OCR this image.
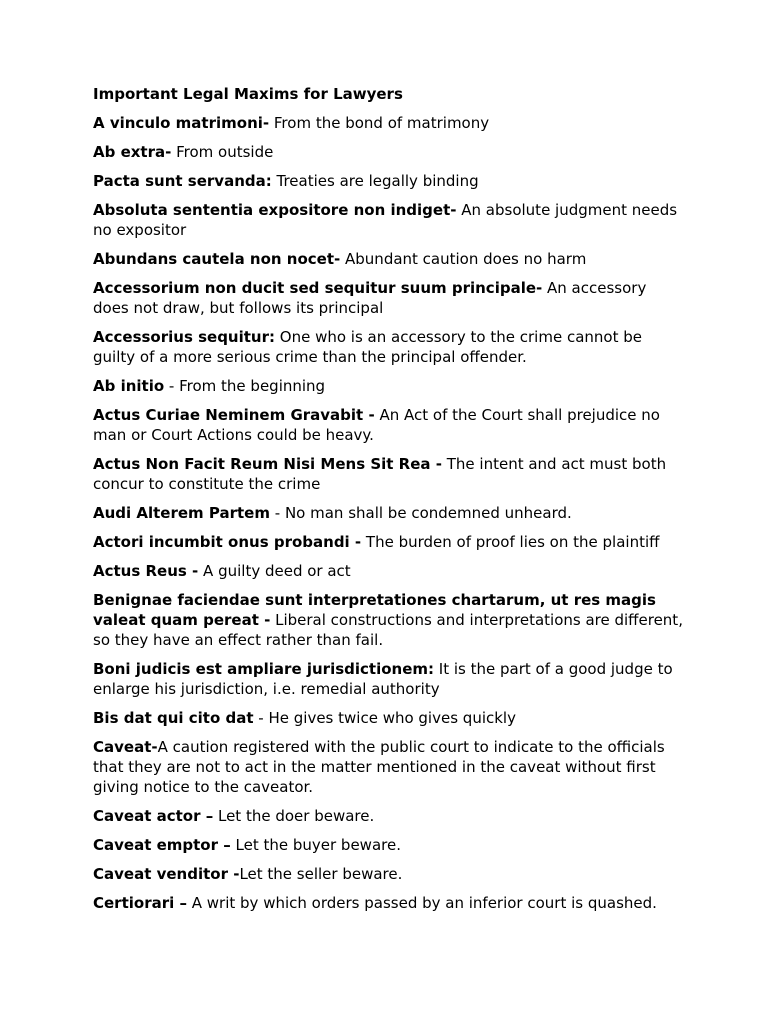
Important Legal Maxims for Lawyers
A vinculo matrimoni- From the bond of matrimony
Ab extra- From outside
Pacta sunt servanda: Treaties are legally binding
Absoluta sententia expositore non indiget- An absolute judgment needs no expositor
Abundans cautela non nocet- Abundant caution does no harm
Accessorium non ducit sed sequitur suum principale- An accessory does not draw, but follows its principal
Accessorius sequitur: One who is an accessory to the crime cannot be guilty of a more serious crime than the principal offender.
Ab initio - From the beginning
Actus Curiae Neminem Gravabit - An Act of the Court shall prejudice no man or Court Actions could be heavy.
Actus Non Facit Reum Nisi Mens Sit Rea - The intent and act must both concur to constitute the crime
Audi Alterem Partem - No man shall be condemned unheard.
Actori incumbit onus probandi - The burden of proof lies on the plaintiff
Actus Reus - A guilty deed or act
Benignae faciendae sunt interpretationes chartarum, ut res magis valeat quam pereat - Liberal constructions and interpretations are different, so they have an effect rather than fail.
Boni judicis est ampliare jurisdictionem: It is the part of a good judge to enlarge his jurisdiction, i.e. remedial authority
Bis dat qui cito dat - He gives twice who gives quickly
Caveat-A caution registered with the public court to indicate to the officials that they are not to act in the matter mentioned in the caveat without first giving notice to the caveator.
Caveat actor – Let the doer beware.
Caveat emptor – Let the buyer beware.
Caveat venditor -Let the seller beware.
Certiorari – A writ by which orders passed by an inferior court is quashed.
